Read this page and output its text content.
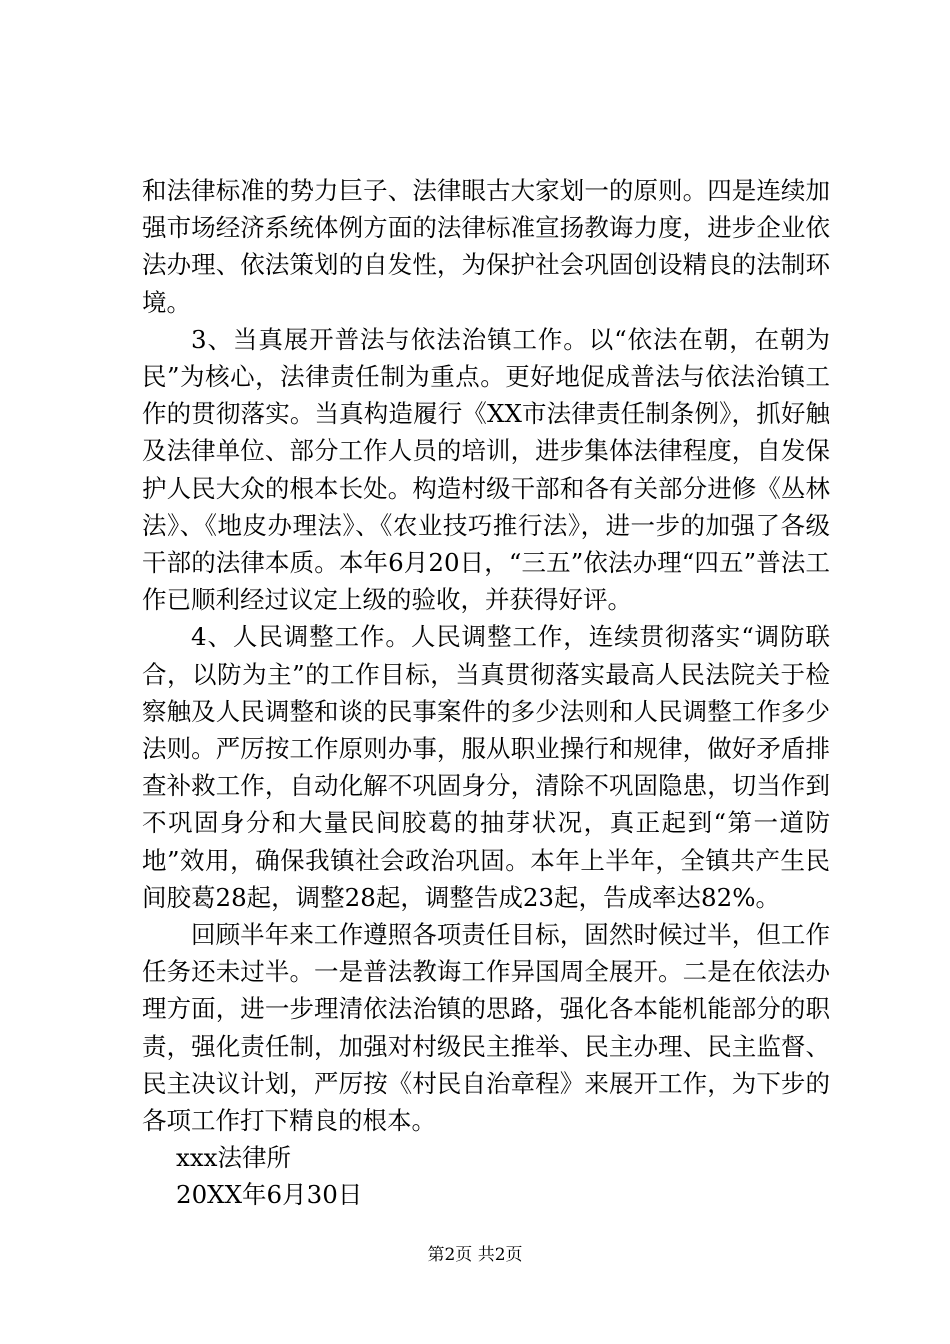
和法律标准的势力巨子、法律眼古大家划一的原则。四是连续加强市场经济系统体例方面的法律标准宣扬教诲力度，进步企业依法办理、依法策划的自发性，为保护社会巩固创设精良的法制环境。

3、当真展开普法与依法治镇工作。以“依法在朝，在朝为民”为核心，法律责任制为重点。更好地促成普法与依法治镇工作的贯彻落实。当真构造履行《XX市法律责任制条例》，抓好触及法律单位、部分工作人员的培训，进步集体法律程度，自发保护人民大众的根本长处。构造村级干部和各有关部分进修《丛林法》、《地皮办理法》、《农业技巧推行法》，进一步的加强了各级干部的法律本质。本年6月20日，“三五”依法办理“四五”普法工作已顺利经过议定上级的验收，并获得好评。

4、人民调整工作。人民调整工作，连续贯彻落实“调防联合，以防为主”的工作目标，当真贯彻落实最高人民法院关于检察触及人民调整和谈的民事案件的多少法则和人民调整工作多少法则。严厉按工作原则办事，服从职业操行和规律，做好矛盾排查补救工作，自动化解不巩固身分，清除不巩固隐患，切当作到不巩固身分和大量民间胶葛的抽芽状况，真正起到“第一道防地”效用，确保我镇社会政治巩固。本年上半年，全镇共产生民间胶葛28起，调整28起，调整告成23起，告成率达82%。

回顾半年来工作遵照各项责任目标，固然时候过半，但工作任务还未过半。一是普法教诲工作异国周全展开。二是在依法办理方面，进一步理清依法治镇的思路，强化各本能机能部分的职责，强化责任制，加强对村级民主推举、民主办理、民主监督、民主决议计划，严厉按《村民自治章程》来展开工作，为下步的各项工作打下精良的根本。

xxx法律所

20XX年6月30日

第2页 共2页
